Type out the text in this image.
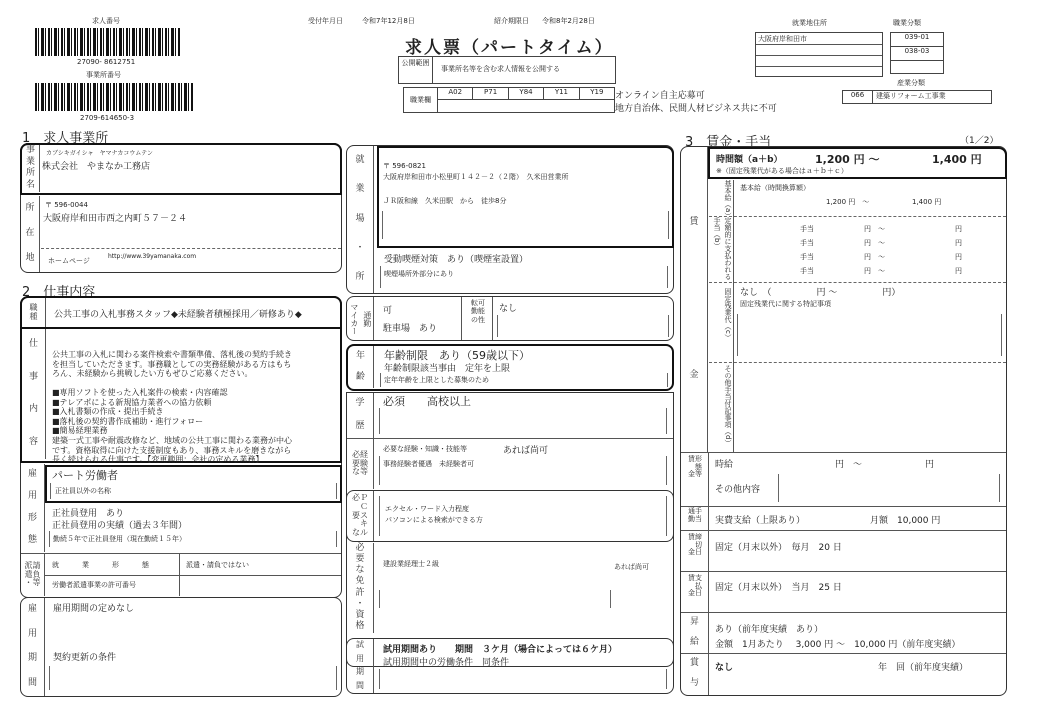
求人番号
27090- 8612751
事業所番号
2709-614650-3
受付年月日	令和7年12月8日	紹介期限日 令和8年2月28日
求人票（パートタイム）
公開範囲
事業所名等を含む求人情報を公開する
職業欄
A02	P71	Y84	Y11	Y19	オンライン自主応募可
地方自治体、民間人材ビジネス共に不可
就業地住所
大阪府岸和田市
職業分類
039-01
038-03
産業分類
066	建築リフォーム工事業
1　求人事業所
事
業
所
名
カブシキガイシャ　ヤマナカコウムテン
株式会社　やまなか工務店
所
在
地
〒 596-0044
大阪府岸和田市西之内町５７－２４
ホームページ
http://www.39yamanaka.com
2　仕事内容
職
種 公共工事の入札事務スタッフ◆未経験者積極採用／研修あり◆
仕
事
内
容

公共工事の入札に関わる案件検索や書類準備、落札後の契約手続き
を担当していただきます。事務職としての実務経験がある方はもち
ろん、未経験から挑戦したい方もぜひご応募ください。
■専用ソフトを使った入札案件の検索・内容確認
■テレアポによる新規協力業者への協力依頼
■入札書類の作成・提出手続き
■落札後の契約書作成補助・進行フォロー
■簡易経理業務
建築一式工事や耐震改修など、地域の公共工事に関わる業務が中心
です。資格取得に向けた支援制度もあり、事務スキルを磨きながら
長く続けられる仕事です。【変更範囲：会社の定める業務】

雇
用
形
態
パート労働者
正社員以外の名称
正社員登用　あり
正社員登用の実績（過去３年間）
勤続５年で正社員登用（現在勤続１５年）
派請
遣負
・等
就　　業　　形　　態	派遣・請負ではない
労働者派遣事業の許可番号
雇
用
期
間
雇用期間の定めなし
契約更新の条件
就
業
場
・
所
〒 596-0821
大阪府岸和田市小松里町１４２－２（２階）　久米田営業所
ＪＲ阪和線　久米田駅　から　徒歩8分
受動喫煙対策　あり（喫煙室設置）
喫煙場所外部分にあり
マイカー 通勤 可
駐車場　あり
転可
勤能
の性
なし
年
齢
年齢制限　あり（59歳以下）
年齢制限該当事由　定年を上限
定年年齢を上限とした募集のため
学
歴
必須　　高校以上
必経
要験
な等
必要な経験・知識・技能等	あれば尚可
事務経験者優遇　未経験者可
必Ｐ
　Ｃ
要ス
　キ
なル
エクセル・ワード入力程度
パソコンによる検索ができる方
必
要
な
免
許
・
資
格
建設業経理士２級	あれば尚可
試
用
期
間
試用期間あり　　期間　３ケ月（場合によっては６ケ月）
試用期間中の労働条件　同条件
3　賃金・手当	（1／2）
賃
金
時間額（a＋b）	1,200 円 ～	1,400 円
※（固定残業代がある場合はａ＋ｂ＋ｃ）
基本給（a） 基本給（時間換算額）
1,200 円　～	1,400 円
定額的に支払われる手当（b）	手当	円　～	円
手当	円　～	円
手当	円　～	円
手当	円　～	円
固定残業代（c） なし　（　　　　　円 ～　　　　　円）
固定残業代に関する特記事項
その他手当付記事項（d）
賃形
　態
金等
時給	円　～	円
その他内容
通手
勤当	実費支給（上限あり）	月額　10,000 円
賃締
　切
金日	固定（月末以外）　毎月　20 日
賃支
　払
金日
固定（月末以外）　当月　25 日
昇
給
あり（前年度実績　あり）
金額　1月あたり　 3,000 円 ～　10,000 円（前年度実績）
賞
与
なし	年　回（前年度実績）
